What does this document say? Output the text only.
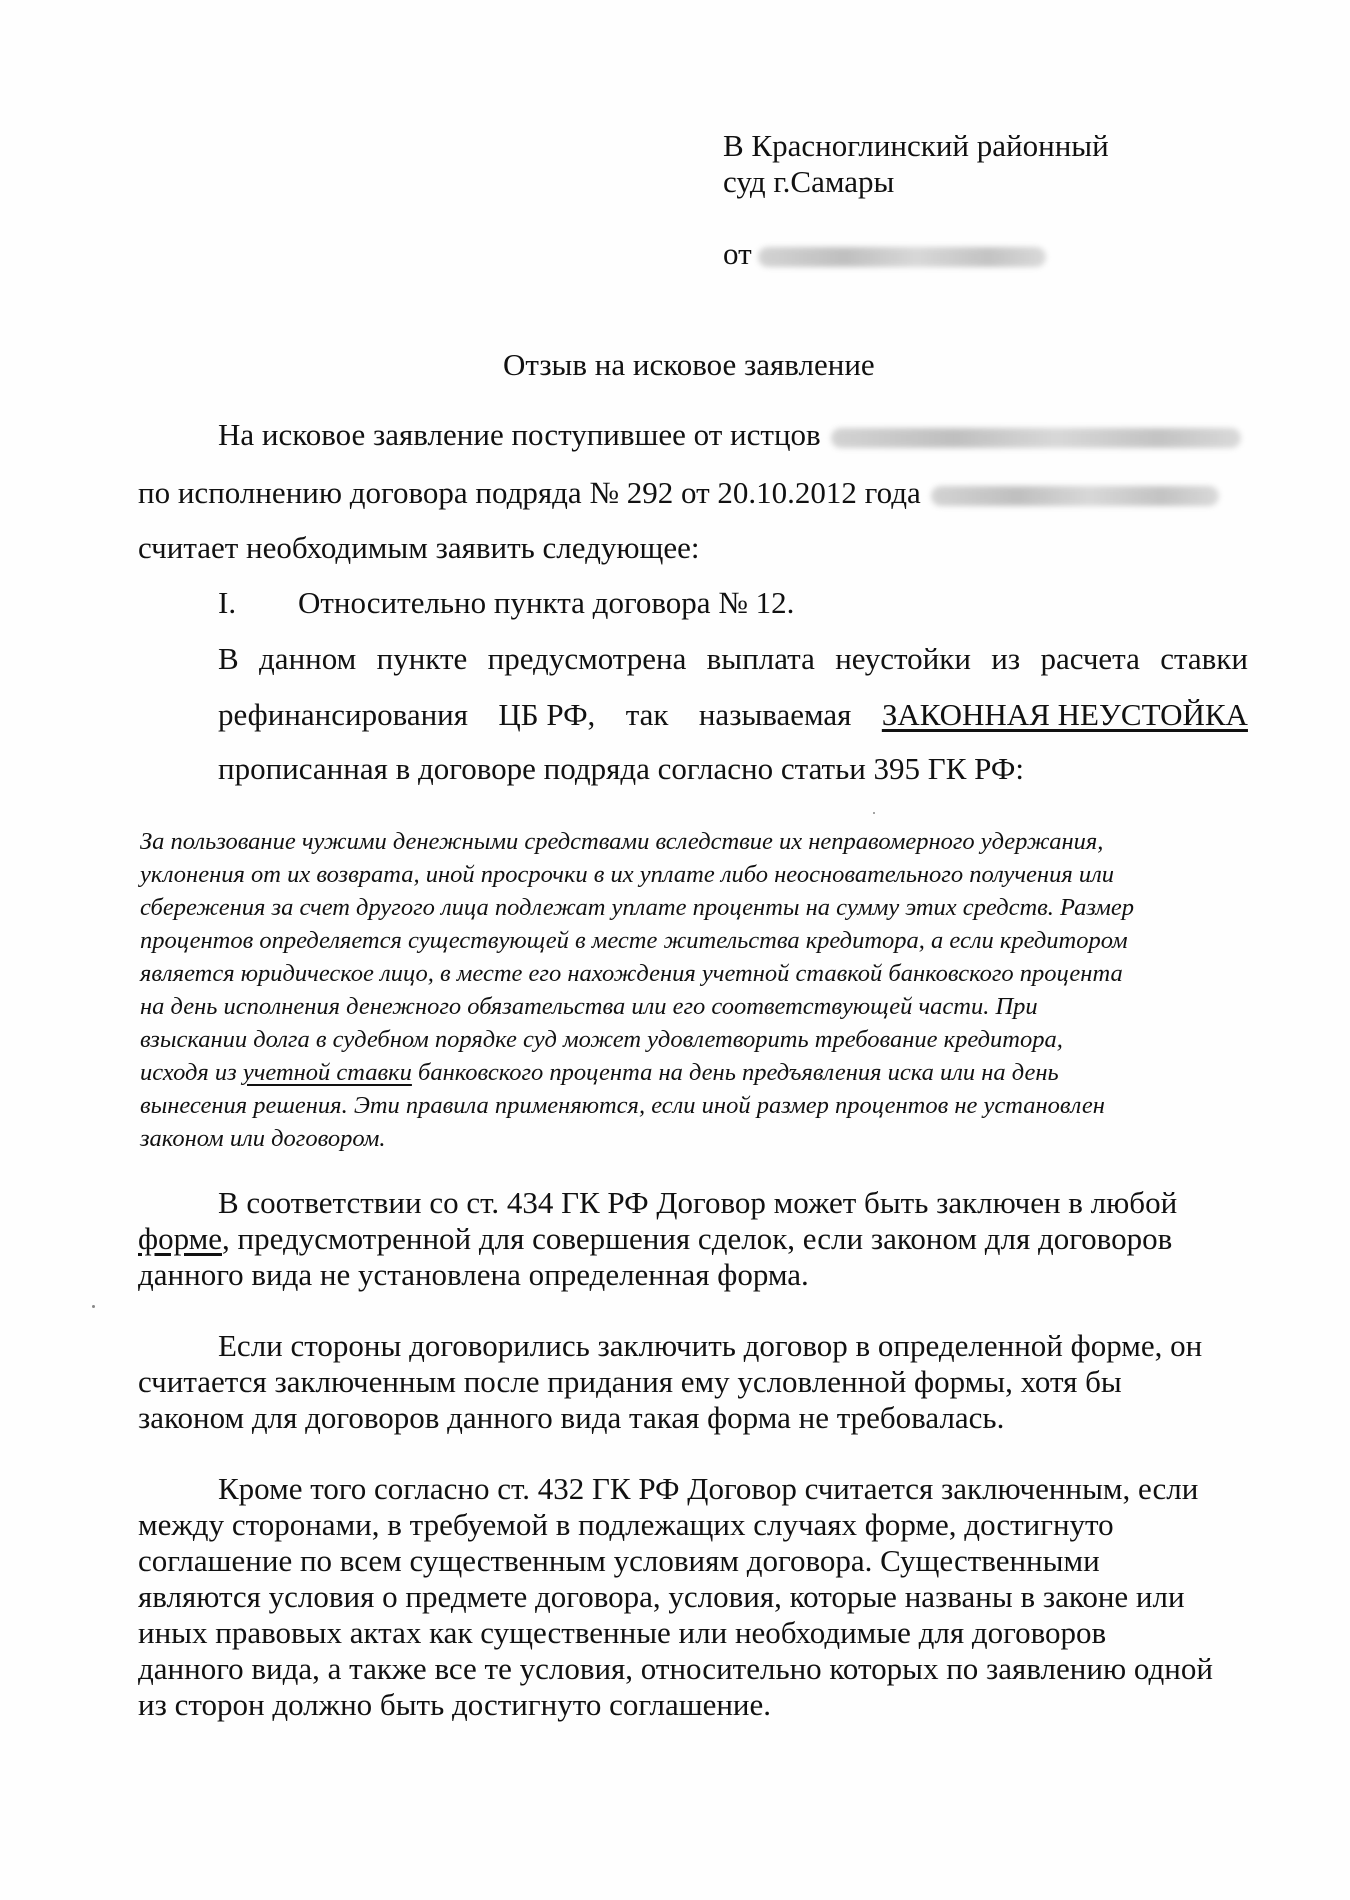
В Красноглинский районный
суд г.Самары
от
Отзыв на исковое заявление
На исковое заявление поступившее от истцов
по исполнению договора подряда № 292 от 20.10.2012 года
считает необходимым заявить следующее:
I. Относительно пункта договора № 12.
В данном пункте предусмотрена выплата неустойки из расчета ставки
рефинансирования ЦБ РФ, так называемая ЗАКОННАЯ НЕУСТОЙКА
прописанная в договоре подряда согласно статьи 395 ГК РФ:
За пользование чужими денежными средствами вследствие их неправомерного удержания,
уклонения от их возврата, иной просрочки в их уплате либо неосновательного получения или
сбережения за счет другого лица подлежат уплате проценты на сумму этих средств. Размер
процентов определяется существующей в месте жительства кредитора, а если кредитором
является юридическое лицо, в месте его нахождения учетной ставкой банковского процента
на день исполнения денежного обязательства или его соответствующей части. При
взыскании долга в судебном порядке суд может удовлетворить требование кредитора,
исходя из учетной ставки банковского процента на день предъявления иска или на день
вынесения решения. Эти правила применяются, если иной размер процентов не установлен
законом или договором.
В соответствии со ст. 434 ГК РФ Договор может быть заключен в любой
форме, предусмотренной для совершения сделок, если законом для договоров
данного вида не установлена определенная форма.
Если стороны договорились заключить договор в определенной форме, он
считается заключенным после придания ему условленной формы, хотя бы
законом для договоров данного вида такая форма не требовалась.
Кроме того согласно ст. 432 ГК РФ Договор считается заключенным, если
между сторонами, в требуемой в подлежащих случаях форме, достигнуто
соглашение по всем существенным условиям договора. Существенными
являются условия о предмете договора, условия, которые названы в законе или
иных правовых актах как существенные или необходимые для договоров
данного вида, а также все те условия, относительно которых по заявлению одной
из сторон должно быть достигнуто соглашение.
